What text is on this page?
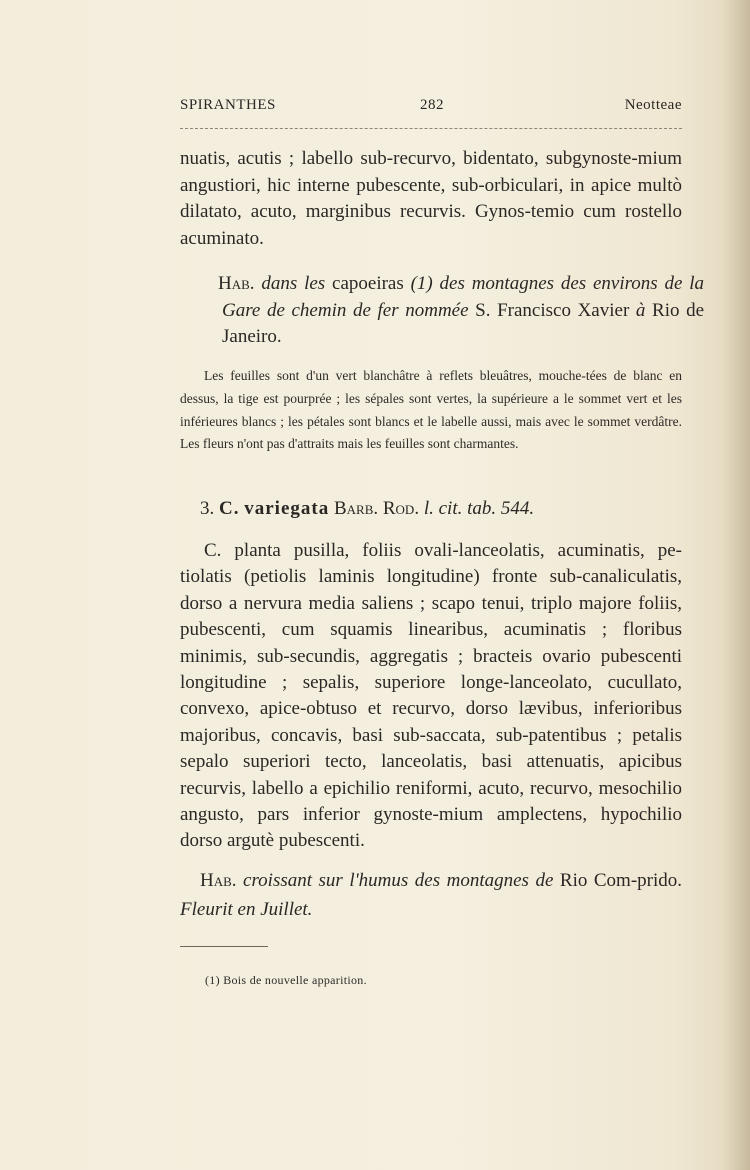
SPIRANTHES	282	Neotteae
nuatis, acutis ; labello sub-recurvo, bidentato, subgynoste-mium angustiori, hic interne pubescente, sub-orbiculari, in apice multò dilatato, acuto, marginibus recurvis. Gynos-temio cum rostello acuminato.
Hab. dans les capoeiras (1) des montagnes des environs de la Gare de chemin de fer nommée S. Francisco Xavier à Rio de Janeiro.
Les feuilles sont d'un vert blanchâtre à reflets bleuâtres, mouche-tées de blanc en dessus, la tige est pourprée ; les sépales sont vertes, la supérieure a le sommet vert et les inférieures blancs ; les pétales sont blancs et le labelle aussi, mais avec le sommet verdâtre. Les fleurs n'ont pas d'attraits mais les feuilles sont charmantes.
3. C. variegata Barb. Rod. l. cit. tab. 544.
C. planta pusilla, foliis ovali-lanceolatis, acuminatis, pe-tiolatis (petiolis laminis longitudine) fronte sub-canaliculatis, dorso a nervura media saliens ; scapo tenui, triplo majore foliis, pubescenti, cum squamis linearibus, acuminatis ; floribus minimis, sub-secundis, aggregatis ; bracteis ovario pubescenti longitudine ; sepalis, superiore longe-lanceolato, cucullato, convexo, apice-obtuso et recurvo, dorso lævibus, inferioribus majoribus, concavis, basi sub-saccata, sub-patentibus ; petalis sepalo superiori tecto, lanceolatis, basi attenuatis, apicibus recurvis, labello a epichilio reniformi, acuto, recurvo, mesochilio angusto, pars inferior gynoste-mium amplectens, hypochilio dorso argutè pubescenti.
Hab. croissant sur l'humus des montagnes de Rio Com-prido. Fleurit en Juillet.
(1) Bois de nouvelle apparition.
